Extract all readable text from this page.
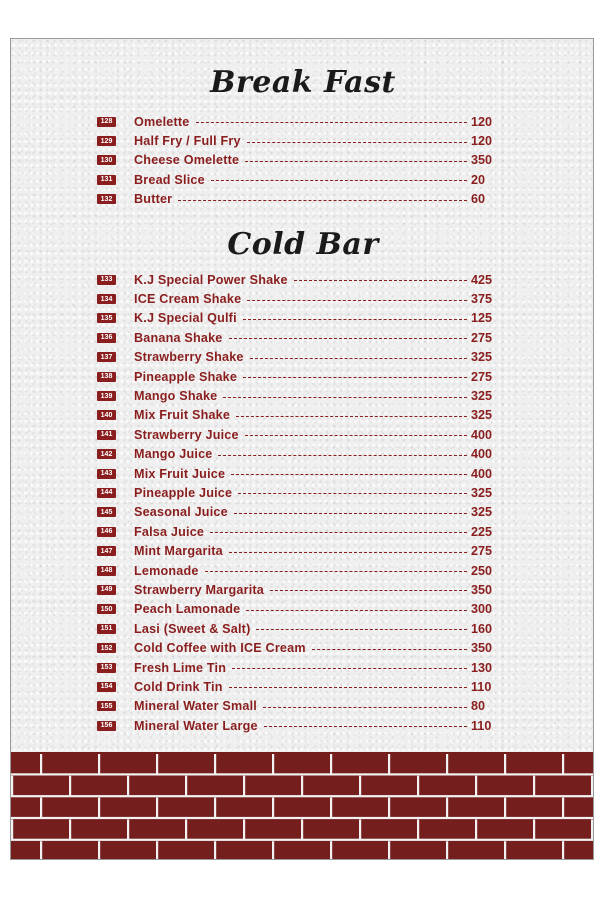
Break Fast
128 Omelette	120
129 Half Fry / Full Fry	120
130 Cheese Omelette	350
131 Bread Slice	20
132 Butter	60
Cold Bar
133 K.J Special Power Shake	425
134 ICE Cream Shake	375
135 K.J Special Qulfi	125
136 Banana Shake	275
137 Strawberry Shake	325
138 Pineapple Shake	275
139 Mango Shake	325
140 Mix Fruit Shake	325
141 Strawberry Juice	400
142 Mango Juice	400
143 Mix Fruit Juice	400
144 Pineapple Juice	325
145 Seasonal Juice	325
146 Falsa Juice	225
147 Mint Margarita	275
148 Lemonade	250
149 Strawberry Margarita	350
150 Peach Lamonade	300
151 Lasi (Sweet & Salt)	160
152 Cold Coffee with ICE Cream	350
153 Fresh Lime Tin	130
154 Cold Drink Tin	110
155 Mineral Water Small	80
156 Mineral Water Large	110
